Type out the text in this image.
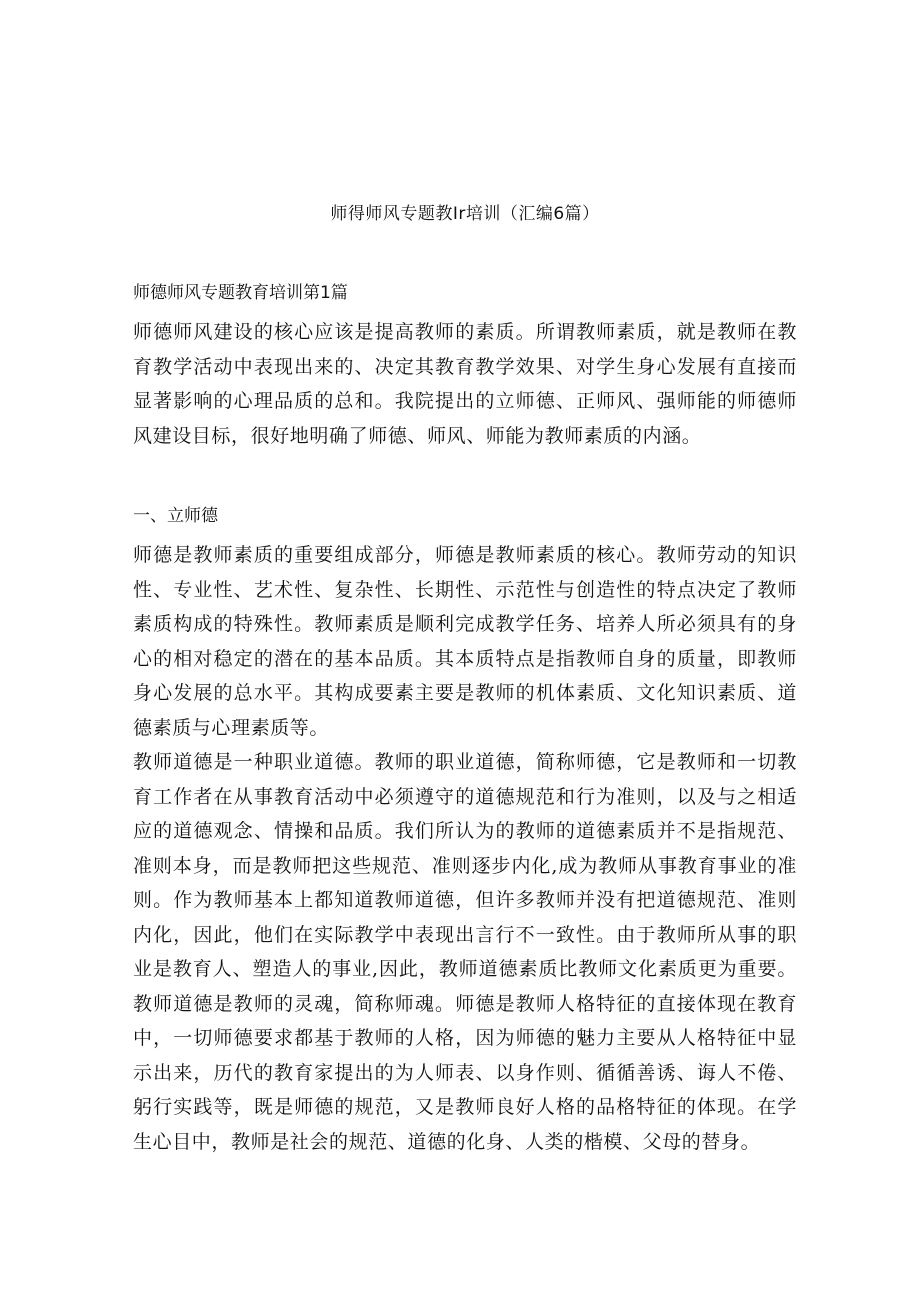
师得师风专题教Ir培训（汇编6篇）
师德师风专题教育培训第1篇
师德师风建设的核心应该是提高教师的素质。所谓教师素质，就是教师在教育教学活动中表现出来的、决定其教育教学效果、对学生身心发展有直接而显著影响的心理品质的总和。我院提出的立师德、正师风、强师能的师德师风建设目标，很好地明确了师德、师风、师能为教师素质的内涵。
一、立师德
师德是教师素质的重要组成部分，师德是教师素质的核心。教师劳动的知识性、专业性、艺术性、复杂性、长期性、示范性与创造性的特点决定了教师素质构成的特殊性。教师素质是顺利完成教学任务、培养人所必须具有的身心的相对稳定的潜在的基本品质。其本质特点是指教师自身的质量，即教师身心发展的总水平。其构成要素主要是教师的机体素质、文化知识素质、道德素质与心理素质等。
教师道德是一种职业道德。教师的职业道德，简称师德，它是教师和一切教育工作者在从事教育活动中必须遵守的道德规范和行为准则，以及与之相适应的道德观念、情操和品质。我们所认为的教师的道德素质并不是指规范、准则本身，而是教师把这些规范、准则逐步内化,成为教师从事教育事业的准则。作为教师基本上都知道教师道德，但许多教师并没有把道德规范、准则内化，因此，他们在实际教学中表现出言行不一致性。由于教师所从事的职业是教育人、塑造人的事业,因此，教师道德素质比教师文化素质更为重要。教师道德是教师的灵魂，简称师魂。师德是教师人格特征的直接体现在教育中，一切师德要求都基于教师的人格，因为师德的魅力主要从人格特征中显示出来，历代的教育家提出的为人师表、以身作则、循循善诱、诲人不倦、躬行实践等，既是师德的规范，又是教师良好人格的品格特征的体现。在学生心目中，教师是社会的规范、道德的化身、人类的楷模、父母的替身。
